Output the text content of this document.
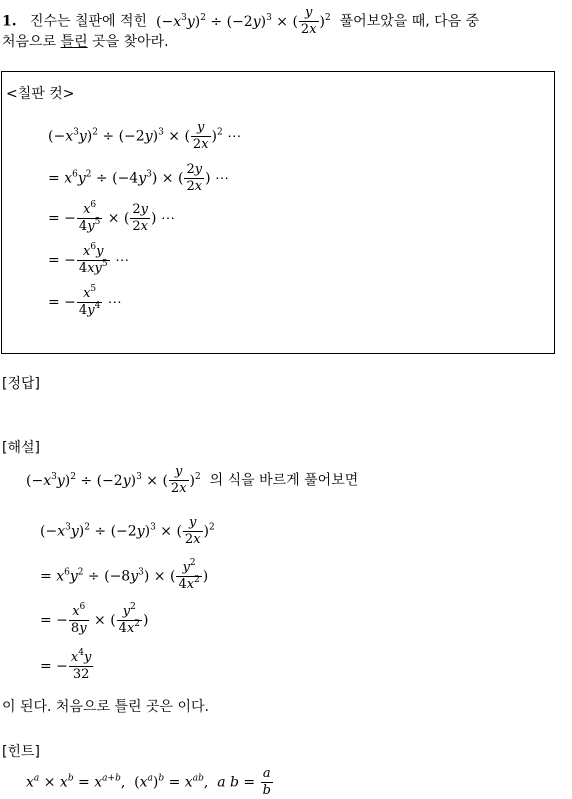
1. 진수는 칠판에 적힌 $(-x^3y)^2 \div (-2y)^3$ × ( $\frac{y}{2x} )^2$ 풀어보았을 때, 다음 중
처음으로 틀린 곳을 찾아라.
<칠판 컷>
$(-x^3y)^2 \div (-2y)^3$ × ( $\frac{y}{2x} )^2$ ⋯
= $x^6y^2 \div (-4y^3)$ × ( $\frac{2y}{2x}$ ) ⋯
= − $\frac{x^6}{4y^5}$ × ( $\frac{2y}{2x}$ ) ⋯
= − $\frac{x^6y}{4xy^5}$ ⋯
= − $\frac{x^5}{4y^4}$ ⋯
[정답]
[해설]
$(-x^3y)^2 \div (-2y)^3$ × ( $\frac{y}{2x} )^2$ 의 식을 바르게 풀어보면
$(-x^3y)^2 \div (-2y)^3$ × ( $\frac{y}{2x} )^2$
= $x^6y^2 \div (-8y^3)$ × ( $\frac{y^2}{4x^2}$ )
= − $\frac{x^6}{8y}$ × ( $\frac{y^2}{4x^2}$ )
= − $\frac{x^4y}{32}$
이 된다. 처음으로 틀린 곳은 이다.
[힌트]
$x^a \times x^b = x^{a+b}$,  $(x^a)^b = x^{ab}$,  a $b = \frac{a}{b}$
